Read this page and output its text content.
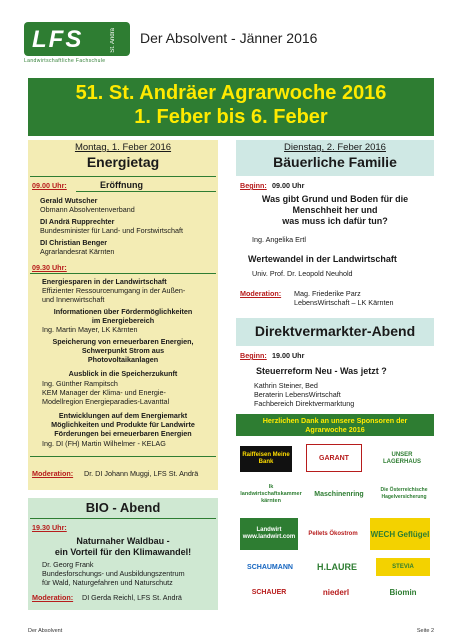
LFS	St. Andrä
Landwirtschaftliche Fachschule
Der Absolvent - Jänner 2016
51. St. Andräer Agrarwoche 2016
1. Feber bis 6. Feber
Montag, 1. Feber 2016
Energietag
09.00 Uhr:	Eröffnung
Gerald Wutscher
Obmann Absolventenverband
DI Andrä Rupprechter
Bundesminister für Land- und Forstwirtschaft
DI Christian Benger
Agrarlandesrat Kärnten
09.30 Uhr:
Energiesparen in der Landwirtschaft
Effizienter Ressourcenumgang in der Außen-
und Innenwirtschaft
Informationen über Fördermöglichkeiten
im Energiebereich
Ing. Martin Mayer, LK Kärnten
Speicherung von erneuerbaren Energien,
Schwerpunkt Strom aus
Photovoltaikanlagen
Ausblick in die Speicherzukunft
Ing. Günther Rampitsch
KEM Manager der Klima- und Energie-
Modellregion Energieparadies-Lavanttal
Entwicklungen auf dem Energiemarkt
Möglichkeiten und Produkte für Landwirte
Förderungen bei erneuerbaren Energien
Ing. DI (FH) Martin Wilhelmer - KELAG
Moderation: Dr. DI Johann Muggi, LFS St. Andrä
Dienstag, 2. Feber 2016
Bäuerliche Familie
Beginn: 09.00 Uhr
Was gibt Grund und Boden für die
Menschheit her und
was muss ich dafür tun?
Ing. Angelika Ertl
Wertewandel in der Landwirtschaft
Univ. Prof. Dr. Leopold Neuhold
Moderation: Mag. Friederike Parz
LebensWirtschaft – LK Kärnten
Direktvermarkter-Abend
Beginn: 19.00 Uhr
Steuerreform Neu - Was jetzt ?
Kathrin Steiner, Bed
Beraterin LebensWirtschaft
Fachbereich Direktvermarktung
BIO - Abend
19.30 Uhr:
Naturnaher Waldbau -
ein Vorteil für den Klimawandel!
Dr. Georg Frank
Bundesforschungs- und Ausbildungszentrum
für Wald, Naturgefahren und Naturschutz
Moderation: DI Gerda Reichl, LFS St. Andrä
Herzlichen Dank an unsere Sponsoren der
Agrarwoche 2016
Raiffeisen Meine Bank
GARANT	UNSER LAGERHAUS
lk landwirtschaftskammer kärnten
Maschinenring
Die Österreichische Hagelversicherung
Landwirt www.landwirt.com
Pellets Ökostrom	WECH Geflügel
SCHAUMANN	H.LAURE	STEVIA
SCHAUER	niederl	Biomin
Der Absolvent	Seite 2
